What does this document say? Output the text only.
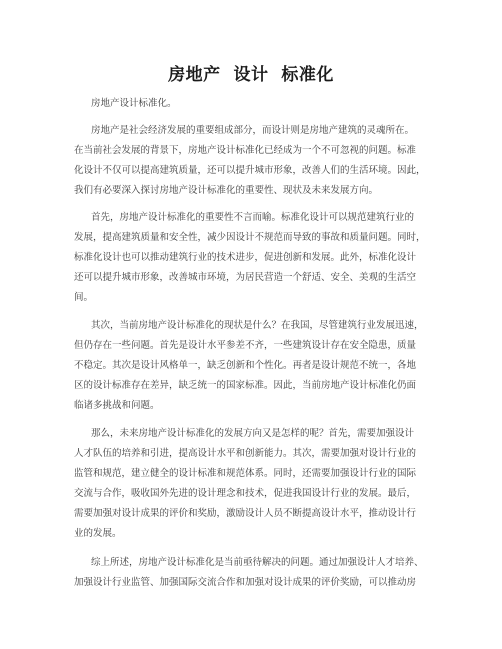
房地产  设计  标准化
房地产设计标准化。
房地产是社会经济发展的重要组成部分，而设计则是房地产建筑的灵魂所在。
在当前社会发展的背景下，房地产设计标准化已经成为一个不可忽视的问题。标准
化设计不仅可以提高建筑质量，还可以提升城市形象，改善人们的生活环境。因此，
我们有必要深入探讨房地产设计标准化的重要性、现状及未来发展方向。
首先，房地产设计标准化的重要性不言而喻。标准化设计可以规范建筑行业的
发展，提高建筑质量和安全性，减少因设计不规范而导致的事故和质量问题。同时，
标准化设计也可以推动建筑行业的技术进步，促进创新和发展。此外，标准化设计
还可以提升城市形象，改善城市环境，为居民营造一个舒适、安全、美观的生活空
间。
其次，当前房地产设计标准化的现状是什么？在我国，尽管建筑行业发展迅速，
但仍存在一些问题。首先是设计水平参差不齐，一些建筑设计存在安全隐患，质量
不稳定。其次是设计风格单一，缺乏创新和个性化。再者是设计规范不统一，各地
区的设计标准存在差异，缺乏统一的国家标准。因此，当前房地产设计标准化仍面
临诸多挑战和问题。
那么，未来房地产设计标准化的发展方向又是怎样的呢？首先，需要加强设计
人才队伍的培养和引进，提高设计水平和创新能力。其次，需要加强对设计行业的
监管和规范，建立健全的设计标准和规范体系。同时，还需要加强设计行业的国际
交流与合作，吸收国外先进的设计理念和技术，促进我国设计行业的发展。最后，
需要加强对设计成果的评价和奖励，激励设计人员不断提高设计水平，推动设计行
业的发展。
综上所述，房地产设计标准化是当前亟待解决的问题。通过加强设计人才培养、
加强设计行业监管、加强国际交流合作和加强对设计成果的评价奖励，可以推动房
